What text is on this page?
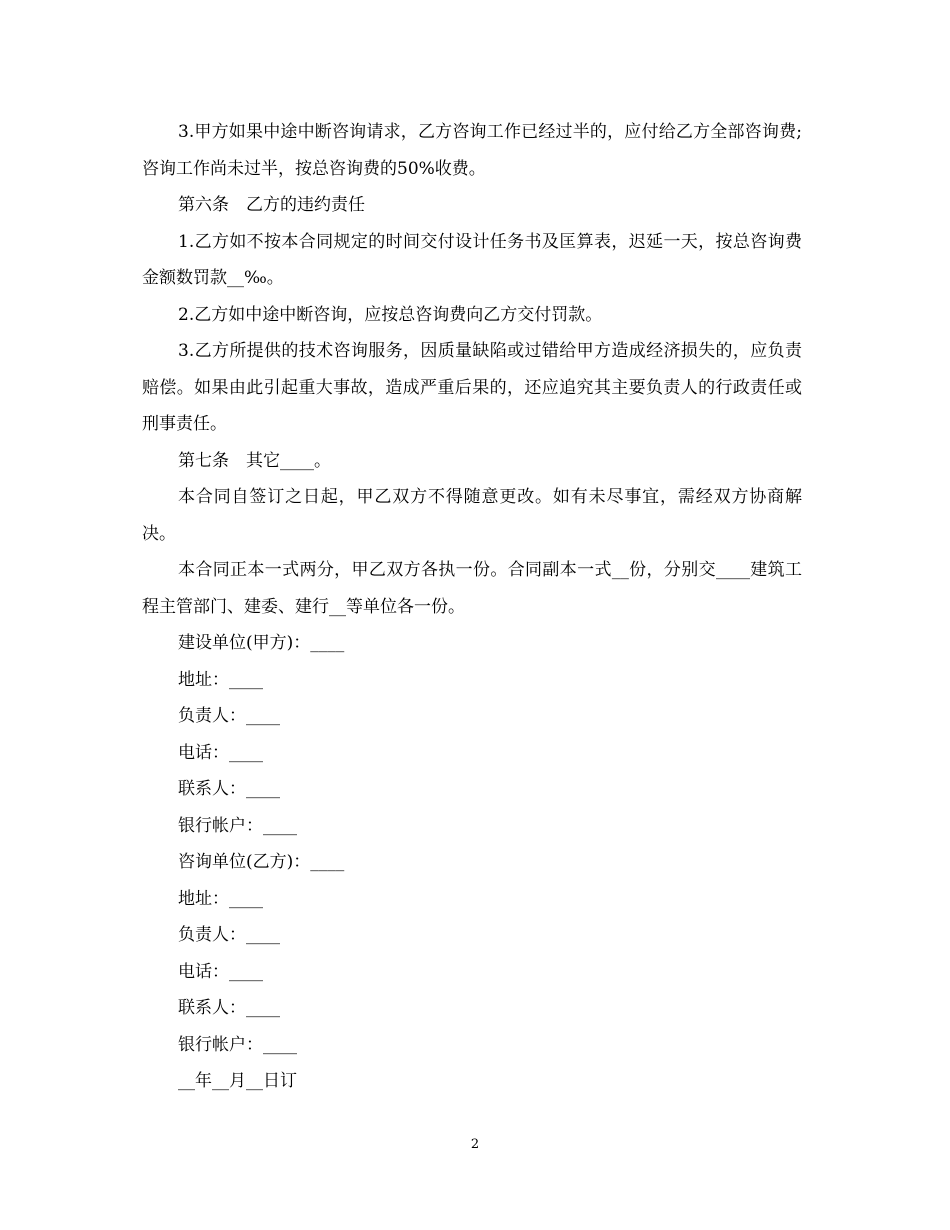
3.甲方如果中途中断咨询请求，乙方咨询工作已经过半的，应付给乙方全部咨询费;咨询工作尚未过半，按总咨询费的50%收费。

第六条　乙方的违约责任

1.乙方如不按本合同规定的时间交付设计任务书及匡算表，迟延一天，按总咨询费金额数罚款__‰。

2.乙方如中途中断咨询，应按总咨询费向乙方交付罚款。

3.乙方所提供的技术咨询服务，因质量缺陷或过错给甲方造成经济损失的，应负责赔偿。如果由此引起重大事故，造成严重后果的，还应追究其主要负责人的行政责任或刑事责任。

第七条　其它____。

本合同自签订之日起，甲乙双方不得随意更改。如有未尽事宜，需经双方协商解决。

本合同正本一式两分，甲乙双方各执一份。合同副本一式__份，分别交____建筑工程主管部门、建委、建行__等单位各一份。

建设单位(甲方)：____

地址：____

负责人：____

电话：____

联系人：____

银行帐户：____

咨询单位(乙方)：____

地址：____

负责人：____

电话：____

联系人：____

银行帐户：____

__年__月__日订

2
